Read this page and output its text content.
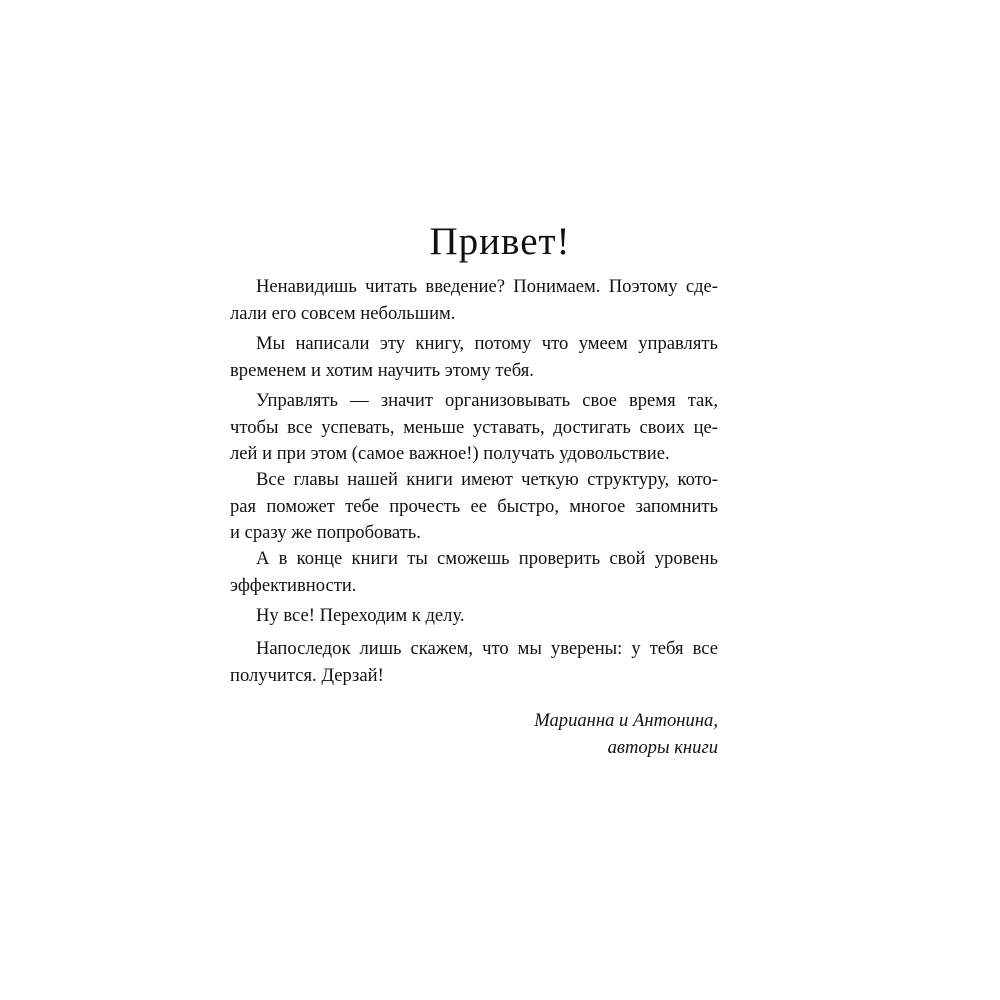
Привет!
Ненавидишь читать введение? Понимаем. Поэтому сде-
лали его совсем небольшим.
Мы написали эту книгу, потому что умеем управлять
временем и хотим научить этому тебя.
Управлять — значит организовывать свое время так,
чтобы все успевать, меньше уставать, достигать своих це-
лей и при этом (самое важное!) получать удовольствие.
Все главы нашей книги имеют четкую структуру, кото-
рая поможет тебе прочесть ее быстро, многое запомнить
и сразу же попробовать.
А в конце книги ты сможешь проверить свой уровень
эффективности.
Ну все! Переходим к делу.
Напоследок лишь скажем, что мы уверены: у тебя все
получится. Дерзай!
Марианна и Антонина,
авторы книги
